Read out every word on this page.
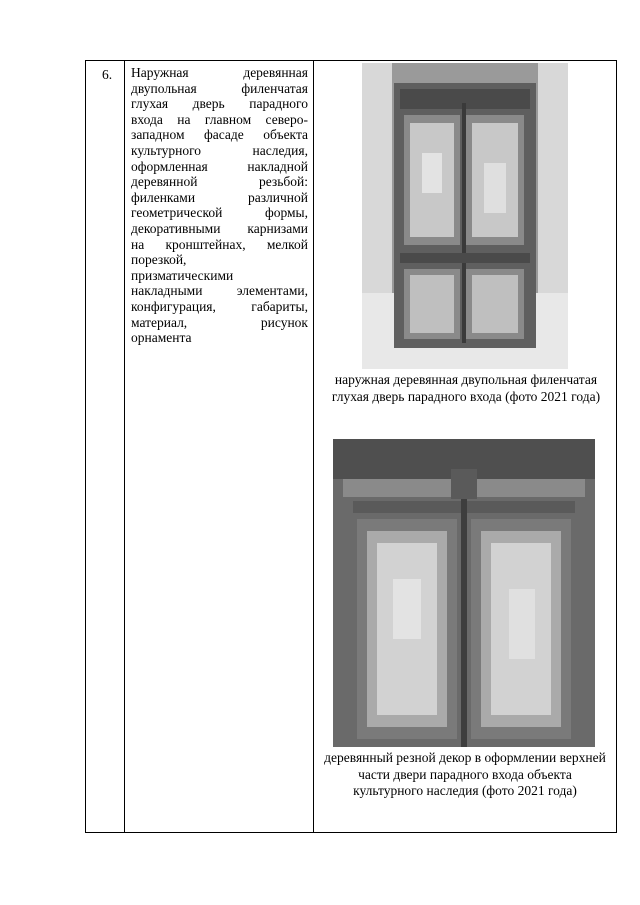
6.	Наружная деревянная
двупольная филенчатая
глухая дверь парадного
входа на главном северо-
западном фасаде объекта
культурного наследия,
оформленная накладной
деревянной резьбой:
филенками различной
геометрической формы,
декоративными карнизами
на кронштейнах, мелкой
порезкой,
призматическими
накладными элементами,
конфигурация, габариты,
материал, рисунок
орнамента
наружная деревянная двупольная филенчатая глухая дверь парадного входа (фото 2021 года)
деревянный резной декор в оформлении верхней части двери парадного входа объекта культурного наследия (фото 2021 года)
